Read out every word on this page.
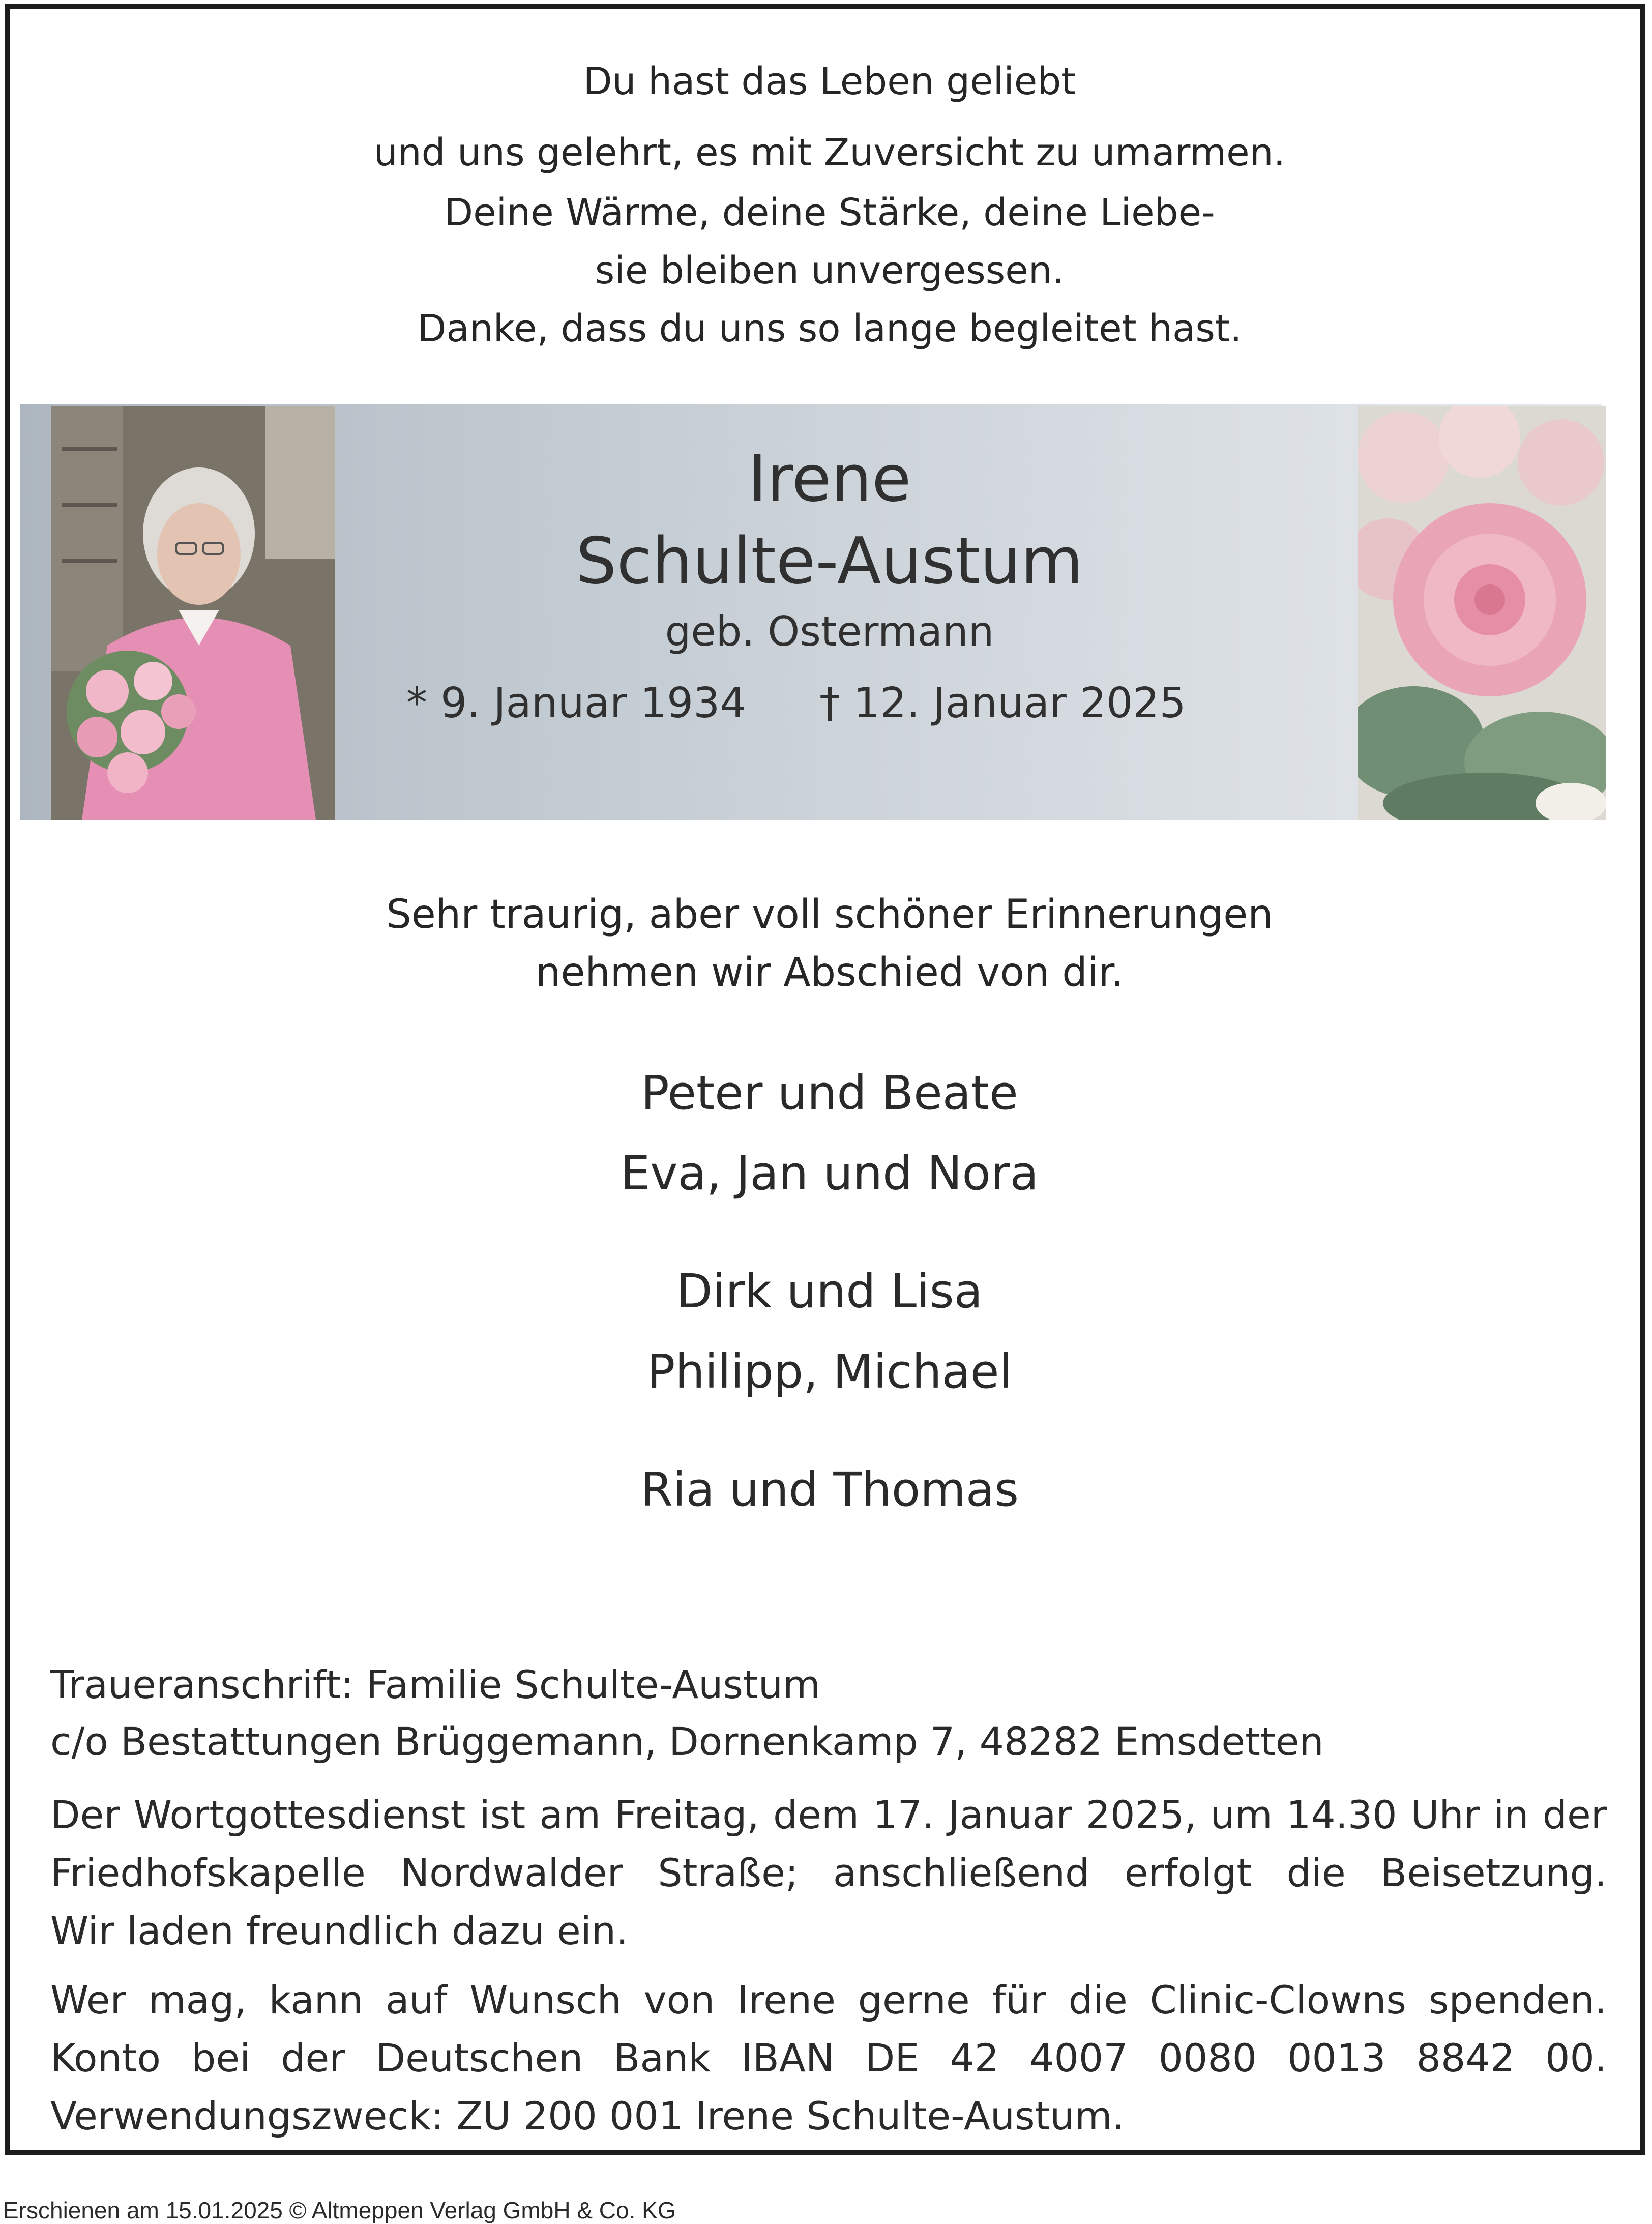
Du hast das Leben geliebt
und uns gelehrt, es mit Zuversicht zu umarmen.
Deine Wärme, deine Stärke, deine Liebe-
sie bleiben unvergessen.
Danke, dass du uns so lange begleitet hast.
Irene
Schulte-Austum
geb. Ostermann
* 9. Januar 1934 † 12. Januar 2025
Sehr traurig, aber voll schöner Erinnerungen
nehmen wir Abschied von dir.
Peter und Beate
Eva, Jan und Nora
Dirk und Lisa
Philipp, Michael
Ria und Thomas
Traueranschrift: Familie Schulte-Austum
c/o Bestattungen Brüggemann, Dornenkamp 7, 48282 Emsdetten
Der Wortgottesdienst ist am Freitag, dem 17. Januar 2025, um 14.30 Uhr in der
Friedhofskapelle Nordwalder Straße; anschließend erfolgt die Beisetzung.
Wir laden freundlich dazu ein.
Wer mag, kann auf Wunsch von Irene gerne für die Clinic-Clowns spenden.
Konto bei der Deutschen Bank IBAN DE 42 4007 0080 0013 8842 00.
Verwendungszweck: ZU 200 001 Irene Schulte-Austum.
Erschienen am 15.01.2025 © Altmeppen Verlag GmbH & Co. KG
